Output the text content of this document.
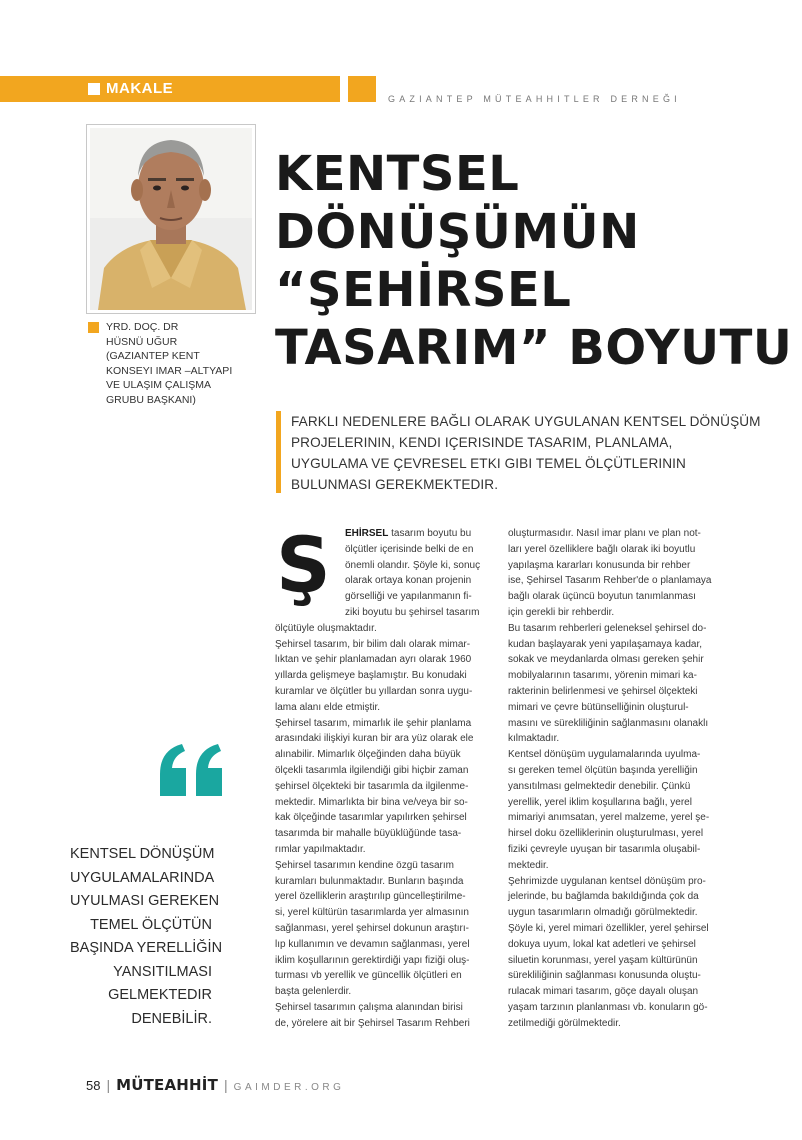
MAKALE
GAZIANTEP MÜTEAHHITLER DERNEĞI
YRD. DOÇ. DR
HÜSNÜ UĞUR
(GAZIANTEP KENT
KONSEYI IMAR –ALTYAPI
VE ULAŞIM ÇALIŞMA
GRUBU BAŞKANI)
KENTSEL
DÖNÜŞÜMÜN
“ŞEHİRSEL
TASARIM” BOYUTU
FARKLI NEDENLERE BAĞLI OLARAK UYGULANAN KENTSEL DÖNÜŞÜM
PROJELERININ, KENDI IÇERISINDE TASARIM, PLANLAMA,
UYGULAMA VE ÇEVRESEL ETKI GIBI TEMEL ÖLÇÜTLERININ
BULUNMASI GEREKMEKTEDIR.
KENTSEL DÖNÜŞÜM
UYGULAMALARINDA
UYULMASI GEREKEN
TEMEL ÖLÇÜTÜN
BAŞINDA YERELLİĞİN
YANSITILMASI
GELMEKTEDIR
DENEBİLİR.
Ş	EHİRSEL tasarım boyutu bu
ölçütler içerisinde belki de en
önemli olandır. Şöyle ki, sonuç
olarak ortaya konan projenin
görselliği ve yapılanmanın fi-
ziki boyutu bu şehirsel tasarım
ölçütüyle oluşmaktadır.
Şehirsel tasarım, bir bilim dalı olarak mimar-
lıktan ve şehir planlamadan ayrı olarak 1960
yıllarda gelişmeye başlamıştır. Bu konudaki
kuramlar ve ölçütler bu yıllardan sonra uygu-
lama alanı elde etmiştir.
Şehirsel tasarım, mimarlık ile şehir planlama
arasındaki ilişkiyi kuran bir ara yüz olarak ele
alınabilir. Mimarlık ölçeğinden daha büyük
ölçekli tasarımla ilgilendiği gibi hiçbir zaman
şehirsel ölçekteki bir tasarımla da ilgilenme-
mektedir. Mimarlıkta bir bina ve/veya bir so-
kak ölçeğinde tasarımlar yapılırken şehirsel
tasarımda bir mahalle büyüklüğünde tasa-
rımlar yapılmaktadır.
Şehirsel tasarımın kendine özgü tasarım
kuramları bulunmaktadır. Bunların başında
yerel özelliklerin araştırılıp güncelleştirilme-
si, yerel kültürün tasarımlarda yer almasının
sağlanması, yerel şehirsel dokunun araştırı-
lıp kullanımın ve devamın sağlanması, yerel
iklim koşullarının gerektirdiği yapı fiziği oluş-
turması vb yerellik ve güncellik ölçütleri en
başta gelenlerdir.
Şehirsel tasarımın çalışma alanından birisi
de, yörelere ait bir Şehirsel Tasarım Rehberi
oluşturmasıdır. Nasıl imar planı ve plan not-
ları yerel özelliklere bağlı olarak iki boyutlu
yapılaşma kararları konusunda bir rehber
ise, Şehirsel Tasarım Rehber'de o planlamaya
bağlı olarak üçüncü boyutun tanımlanması
için gerekli bir rehberdir.
Bu tasarım rehberleri geleneksel şehirsel do-
kudan başlayarak yeni yapılaşamaya kadar,
sokak ve meydanlarda olması gereken şehir
mobilyalarının tasarımı, yörenin mimari ka-
rakterinin belirlenmesi ve şehirsel ölçekteki
mimari ve çevre bütünselliğinin oluşturul-
masını ve sürekliliğinin sağlanmasını olanaklı
kılmaktadır.
Kentsel dönüşüm uygulamalarında uyulma-
sı gereken temel ölçütün başında yerelliğin
yansıtılması gelmektedir denebilir. Çünkü
yerellik, yerel iklim koşullarına bağlı, yerel
mimariyi anımsatan, yerel malzeme, yerel şe-
hirsel doku özelliklerinin oluşturulması, yerel
fiziki çevreyle uyuşan bir tasarımla oluşabil-
mektedir.
Şehrimizde uygulanan kentsel dönüşüm pro-
jelerinde, bu bağlamda bakıldığında çok da
uygun tasarımların olmadığı görülmektedir.
Şöyle ki, yerel mimari özellikler, yerel şehirsel
dokuya uyum, lokal kat adetleri ve şehirsel
siluetin korunması, yerel yaşam kültürünün
sürekliliğinin sağlanması konusunda oluştu-
rulacak mimari tasarım, göçe dayalı oluşan
yaşam tarzının planlanması vb. konuların gö-
zetilmediği görülmektedir.
58 | MÜTEAHHİT | GAIMDER.ORG
